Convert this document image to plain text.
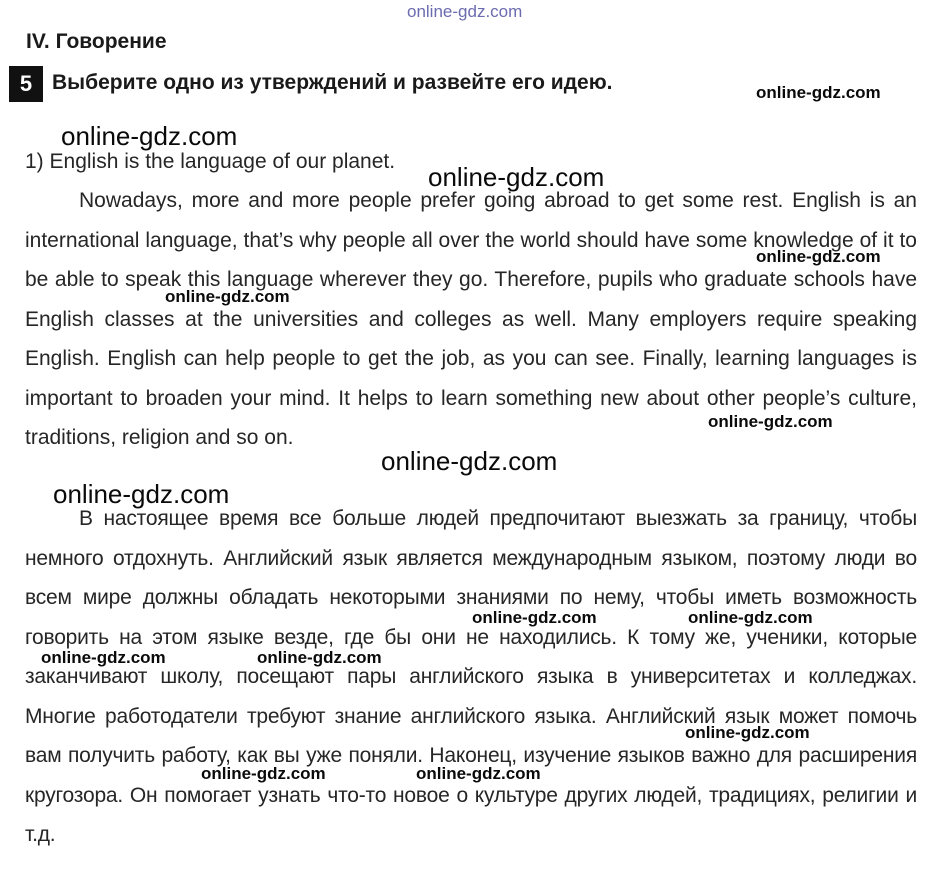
IV. Говорение
5 Выберите одно из утверждений и развейте его идею.
1) English is the language of our planet.

Nowadays, more and more people prefer going abroad to get some rest. English is an international language, that’s why people all over the world should have some knowledge of it to be able to speak this language wherever they go. Therefore, pupils who graduate schools have English classes at the universities and colleges as well. Many employers require speaking English. English can help people to get the job, as you can see. Finally, learning languages is important to broaden your mind. It helps to learn something new about other people’s culture, traditions, religion and so on.

В настоящее время все больше людей предпочитают выезжать за границу, чтобы немного отдохнуть. Английский язык является международным языком, поэтому люди во всем мире должны обладать некоторыми знаниями по нему, чтобы иметь возможность говорить на этом языке везде, где бы они не находились. К тому же, ученики, которые заканчивают школу, посещают пары английского языка в университетах и колледжах. Многие работодатели требуют знание английского языка. Английский язык может помочь вам получить работу, как вы уже поняли. Наконец, изучение языков важно для расширения кругозора. Он помогает узнать что-то новое о культуре других людей, традициях, религии и т.д.

online-gdz.com
online-gdz.com
online-gdz.com
online-gdz.com
online-gdz.com
online-gdz.com
online-gdz.com
online-gdz.com
online-gdz.com
online-gdz.com	online-gdz.com
online-gdz.com	online-gdz.com
online-gdz.com
online-gdz.com	online-gdz.com
